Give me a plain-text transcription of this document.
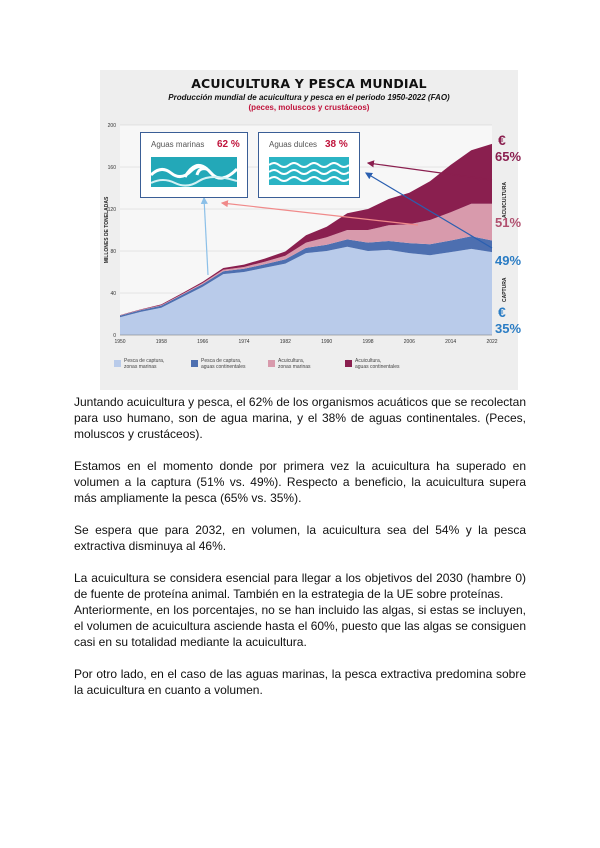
0
40
80
120
160
200
1950	1958	1966	1974	1982	1990	1998	2006	2014	2022
MILLONES DE TONELADAS
ACUICULTURA Y PESCA MUNDIAL
Producción mundial de acuicultura y pesca en el periodo 1950-2022 (FAO)
(peces, moluscos y crustáceos)
Aguas marinas 62 %	Aguas dulces 38 %	€
65%
ACUICULTURA
51%
49%
CAPTURA
€
35%
Pesca de captura,
zonas marinas
Pesca de captura,
aguas continentales
Acuicultura,
zonas marinas
Acuicultura,
aguas continentales

Juntando acuicultura y pesca, el 62% de los organismos acuáticos que se recolectan para uso humano, son de agua marina, y el 38% de aguas continentales. (Peces, moluscos y crustáceos).

Estamos en el momento donde por primera vez la acuicultura ha superado en volumen a la captura (51% vs. 49%). Respecto a beneficio, la acuicultura supera más ampliamente la pesca (65% vs. 35%).

Se espera que para 2032, en volumen, la acuicultura sea del 54% y la pesca extractiva disminuya al 46%.

La acuicultura se considera esencial para llegar a los objetivos del 2030 (hambre 0) de fuente de proteína animal. También en la estrategia de la UE sobre proteínas.

Anteriormente, en los porcentajes, no se han incluido las algas, si estas se incluyen, el volumen de acuicultura asciende hasta el 60%, puesto que las algas se consiguen casi en su totalidad mediante la acuicultura.

Por otro lado, en el caso de las aguas marinas, la pesca extractiva predomina sobre la acuicultura en cuanto a volumen.
